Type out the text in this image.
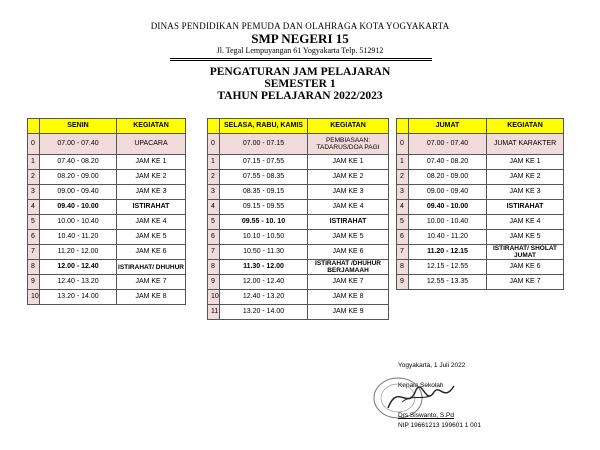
DINAS PENDIDIKAN PEMUDA DAN OLAHRAGA KOTA YOGYAKARTA
SMP NEGERI 15
Jl. Tegal Lempuyangan 61 Yogyakarta Telp. 512912
PENGATURAN JAM PELAJARAN
SEMESTER 1
TAHUN PELAJARAN 2022/2023
	SENIN	KEGIATAN
0	07.00 - 07.40	UPACARA
1	07.40 - 08.20	JAM KE 1
2	08.20 - 09.00	JAM KE 2
3	09.00 - 09.40	JAM KE 3
4	09.40 - 10.00	ISTIRAHAT
5	10.00 - 10.40	JAM KE 4
6	10.40 - 11.20	JAM KE 5
7	11.20 - 12.00	JAM KE 6
8	12.00 - 12.40	ISTIRAHAT/ DHUHUR
9	12.40 - 13.20	JAM KE 7
10	13.20 - 14.00	JAM KE 8
	SELASA, RABU, KAMIS	KEGIATAN
0	07.00 - 07.15	PEMBIASAAN: TADARUS/DOA PAGI
1	07.15 - 07.55	JAM KE 1
2	07.55 - 08.35	JAM KE 2
3	08.35 - 09.15	JAM KE 3
4	09.15 - 09.55	JAM KE 4
5	09.55 - 10. 10	ISTIRAHAT
6	10.10 - 10.50	JAM KE 5
7	10.50 - 11.30	JAM KE 6
8	11.30 - 12.00	ISTIRAHAT /DHUHUR BERJAMAAH
9	12.00 - 12.40	JAM KE 7
10	12.40 - 13.20	JAM KE 8
11	13.20 - 14.00	JAM KE 9
	JUMAT	KEGIATAN
0	07.00 - 07.40	JUMAT KARAKTER
1	07.40 - 08.20	JAM KE 1
2	08.20 - 09.00	JAM KE 2
3	09.00 - 09.40	JAM KE 3
4	09.40 - 10.00	ISTIRAHAT
5	10.00 - 10.40	JAM KE 4
6	10.40 - 11.20	JAM KE 5
7	11.20 - 12.15	ISTIRAHAT/ SHOLAT JUMAT
8	12.15 - 12.55	JAM KE 6
9	12.55 - 13.35	JAM KE 7
Yogyakarta, 1 Juli 2022
Kepala Sekolah
Drs Siswanto, S.Pd
NIP 19661213 199601 1 001
